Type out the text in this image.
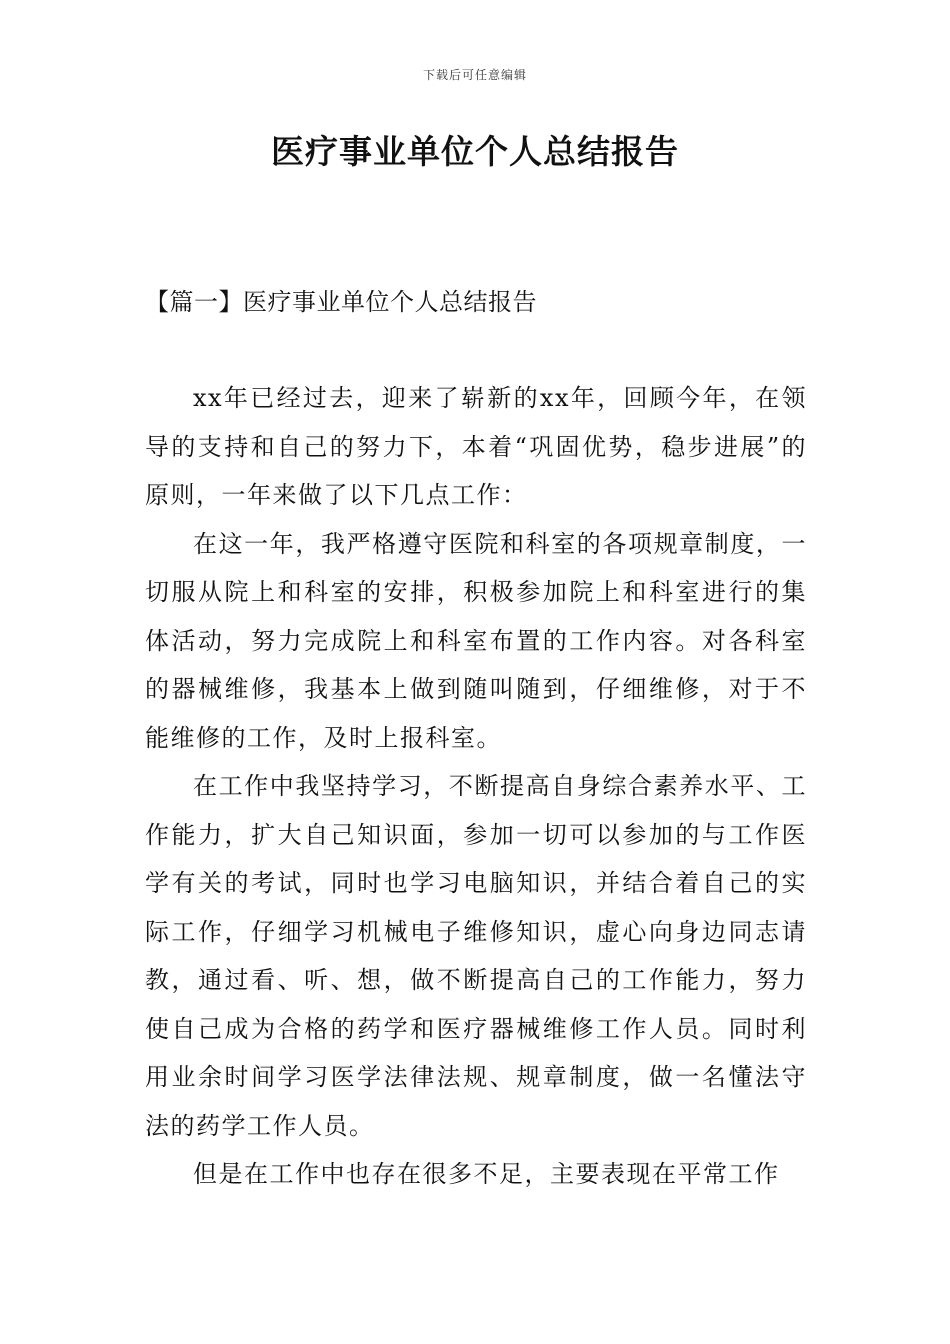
下载后可任意编辑
医疗事业单位个人总结报告
【篇一】医疗事业单位个人总结报告

xx年已经过去，迎来了崭新的xx年，回顾今年，在领导的支持和自己的努力下，本着“巩固优势，稳步进展”的原则，一年来做了以下几点工作：

在这一年，我严格遵守医院和科室的各项规章制度，一切服从院上和科室的安排，积极参加院上和科室进行的集体活动，努力完成院上和科室布置的工作内容。对各科室的器械维修，我基本上做到随叫随到，仔细维修，对于不能维修的工作，及时上报科室。

在工作中我坚持学习，不断提高自身综合素养水平、工作能力，扩大自己知识面，参加一切可以参加的与工作医学有关的考试，同时也学习电脑知识，并结合着自己的实际工作，仔细学习机械电子维修知识，虚心向身边同志请教，通过看、听、想，做不断提高自己的工作能力，努力使自己成为合格的药学和医疗器械维修工作人员。同时利用业余时间学习医学法律法规、规章制度，做一名懂法守法的药学工作人员。

但是在工作中也存在很多不足，主要表现在平常工作
